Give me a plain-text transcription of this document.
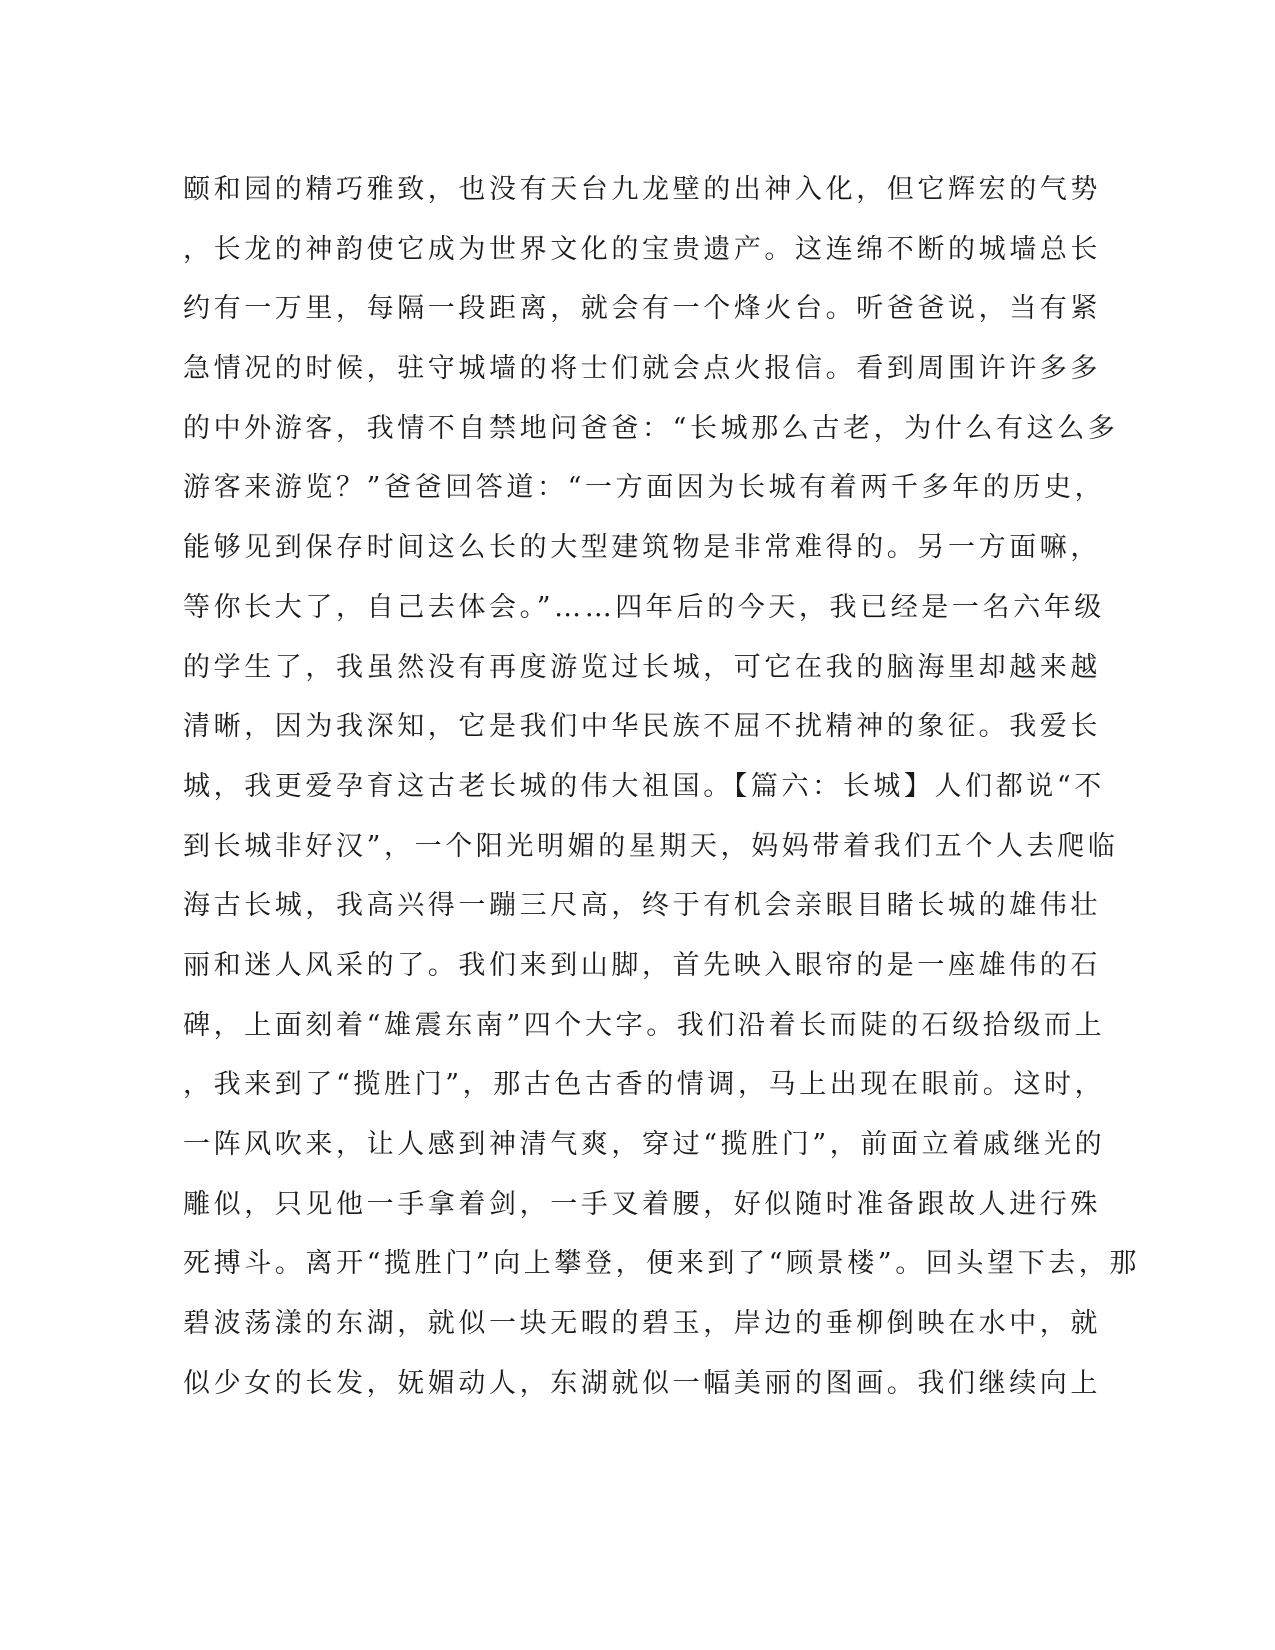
颐和园的精巧雅致，也没有天台九龙壁的出神入化，但它辉宏的气势
，长龙的神韵使它成为世界文化的宝贵遗产。这连绵不断的城墙总长
约有一万里，每隔一段距离，就会有一个烽火台。听爸爸说，当有紧
急情况的时候，驻守城墙的将士们就会点火报信。看到周围许许多多
的中外游客，我情不自禁地问爸爸：“长城那么古老，为什么有这么多
游客来游览？”爸爸回答道：“一方面因为长城有着两千多年的历史，
能够见到保存时间这么长的大型建筑物是非常难得的。另一方面嘛，
等你长大了，自己去体会。”……四年后的今天，我已经是一名六年级
的学生了，我虽然没有再度游览过长城，可它在我的脑海里却越来越
清晰，因为我深知，它是我们中华民族不屈不扰精神的象征。我爱长
城，我更爱孕育这古老长城的伟大祖国。【篇六：长城】人们都说“不
到长城非好汉”，一个阳光明媚的星期天，妈妈带着我们五个人去爬临
海古长城，我高兴得一蹦三尺高，终于有机会亲眼目睹长城的雄伟壮
丽和迷人风采的了。我们来到山脚，首先映入眼帘的是一座雄伟的石
碑，上面刻着“雄震东南”四个大字。我们沿着长而陡的石级拾级而上
，我来到了“揽胜门”，那古色古香的情调，马上出现在眼前。这时，
一阵风吹来，让人感到神清气爽，穿过“揽胜门”，前面立着戚继光的
雕似，只见他一手拿着剑，一手叉着腰，好似随时准备跟故人进行殊
死搏斗。离开“揽胜门”向上攀登，便来到了“顾景楼”。回头望下去，那
碧波荡漾的东湖，就似一块无暇的碧玉，岸边的垂柳倒映在水中，就
似少女的长发，妩媚动人，东湖就似一幅美丽的图画。我们继续向上
